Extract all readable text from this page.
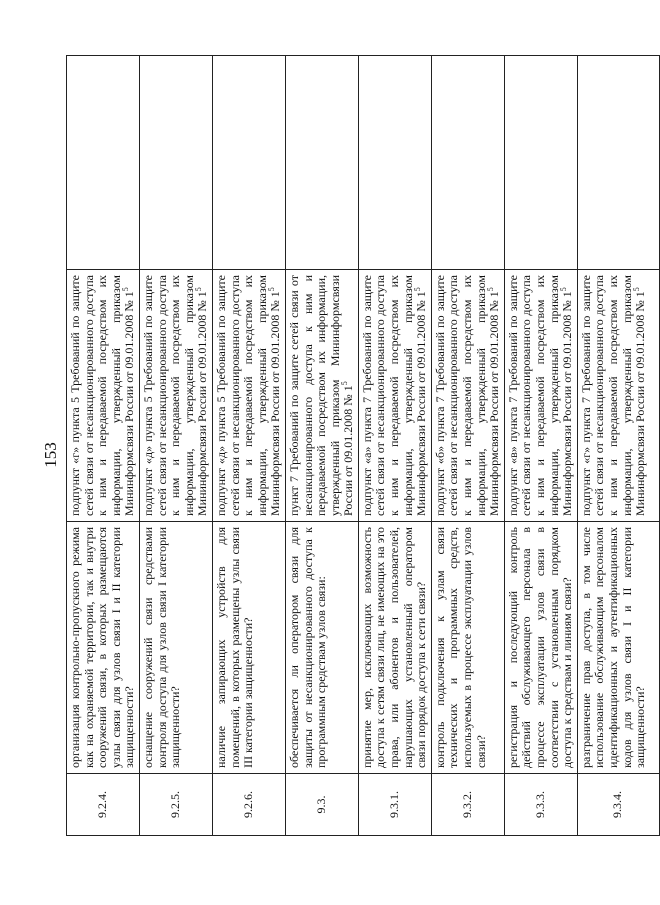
153
9.2.4.	организация контрольно-пропускного режима как на охраняемой территории, так и внутри сооружений связи, в которых размещаются узлы связи для узлов связи I и II категории защищенности?	подпункт «г» пункта 5 Требований по защите сетей связи от несанкционированного доступа к ним и передаваемой посредством их информации, утвержденный приказом Мининформсвязи России от 09.01.2008 № $1^5$	
9.2.5.	оснащение сооружений связи средствами контроля доступа для узлов связи I категории защищенности?	подпункт «д» пункта 5 Требований по защите сетей связи от несанкционированного доступа к ним и передаваемой посредством их информации, утвержденный приказом Мининформсвязи России от 09.01.2008 № $1^5$	
9.2.6.	наличие запирающих устройств для помещений, в которых размещены узлы связи III категории защищенности?	подпункт «д» пункта 5 Требований по защите сетей связи от несанкционированного доступа к ним и передаваемой посредством их информации, утвержденный приказом Мининформсвязи России от 09.01.2008 № $1^5$	
9.3.	обеспечивается ли оператором связи для защиты от несанкционированного доступа к программным средствам узлов связи:	пункт 7 Требований по защите сетей связи от несанкционированного доступа к ним и передаваемой посредством их информации, утвержденный приказом Мининформсвязи России от 09.01.2008 № $1^5$	
9.3.1.	принятие мер, исключающих возможность доступа к сетям связи лиц, не имеющих на это права, или абонентов и пользователей, нарушающих установленный оператором связи порядок доступа к сети связи?	подпункт «а» пункта 7 Требований по защите сетей связи от несанкционированного доступа к ним и передаваемой посредством их информации, утвержденный приказом Мининформсвязи России от 09.01.2008 № $1^5$	
9.3.2.	контроль подключения к узлам связи технических и программных средств, используемых в процессе эксплуатации узлов связи?	подпункт «б» пункта 7 Требований по защите сетей связи от несанкционированного доступа к ним и передаваемой посредством их информации, утвержденный приказом Мининформсвязи России от 09.01.2008 № $1^5$	
9.3.3.	регистрация и последующий контроль действий обслуживающего персонала в процессе эксплуатации узлов связи в соответствии с установленным порядком доступа к средствам и линиям связи?	подпункт «в» пункта 7 Требований по защите сетей связи от несанкционированного доступа к ним и передаваемой посредством их информации, утвержденный приказом Мининформсвязи России от 09.01.2008 № $1^5$	
9.3.4.	разграничение прав доступа, в том числе использование обслуживающим персоналом идентификационных и аутентификационных кодов для узлов связи I и II категории защищенности?	подпункт «г» пункта 7 Требований по защите сетей связи от несанкционированного доступа к ним и передаваемой посредством их информации, утвержденный приказом Мининформсвязи России от 09.01.2008 № $1^5$	
